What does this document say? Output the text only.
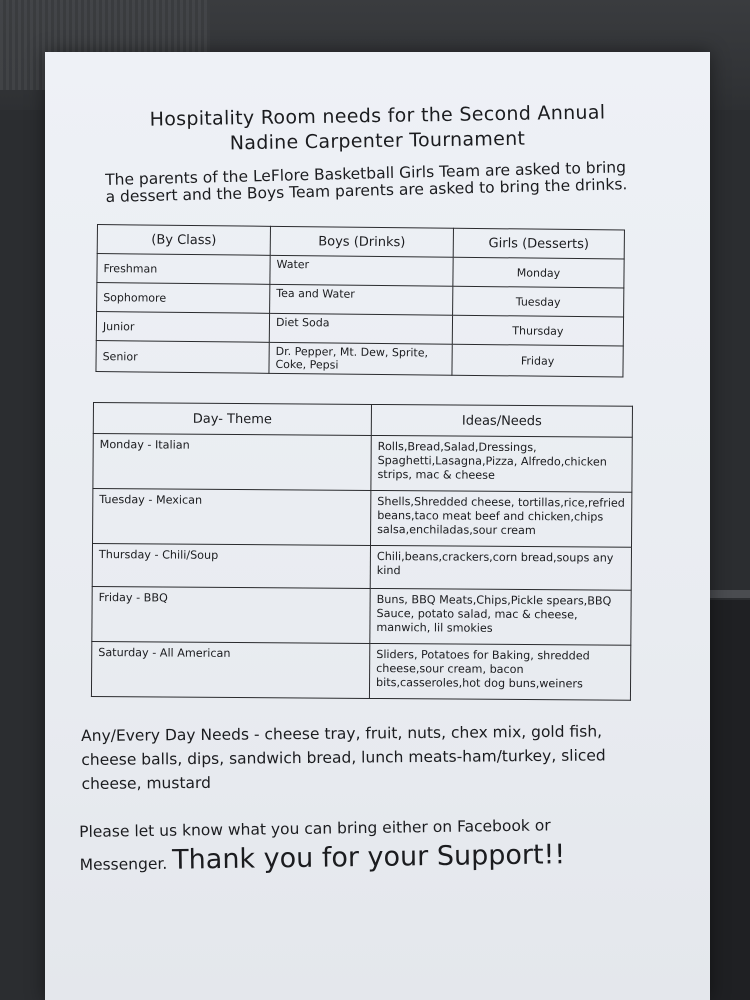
Hospitality Room needs for the Second Annual
Nadine Carpenter Tournament
The parents of the LeFlore Basketball Girls Team are asked to bring a dessert and the Boys Team parents are asked to bring the drinks.
(By Class)	Boys (Drinks)	Girls (Desserts)
Freshman	Water	Monday
Sophomore	Tea and Water	Tuesday
Junior	Diet Soda	Thursday
Senior	Dr. Pepper, Mt. Dew, Sprite, Coke, Pepsi	Friday
Day- Theme	Ideas/Needs
Monday - Italian	Rolls,Bread,Salad,Dressings, Spaghetti,Lasagna,Pizza, Alfredo,chicken strips, mac & cheese
Tuesday - Mexican	Shells,Shredded cheese, tortillas,rice,refried beans,taco meat beef and chicken,chips salsa,enchiladas,sour cream
Thursday - Chili/Soup	Chili,beans,crackers,corn bread,soups any kind
Friday - BBQ	Buns, BBQ Meats,Chips,Pickle spears,BBQ Sauce, potato salad, mac & cheese, manwich, lil smokies
Saturday - All American	Sliders, Potatoes for Baking, shredded cheese,sour cream, bacon bits,casseroles,hot dog buns,weiners
Any/Every Day Needs - cheese tray, fruit, nuts, chex mix, gold fish, cheese balls, dips, sandwich bread, lunch meats-ham/turkey, sliced cheese, mustard
Please let us know what you can bring either on Facebook or
Messenger. Thank you for your Support!!
